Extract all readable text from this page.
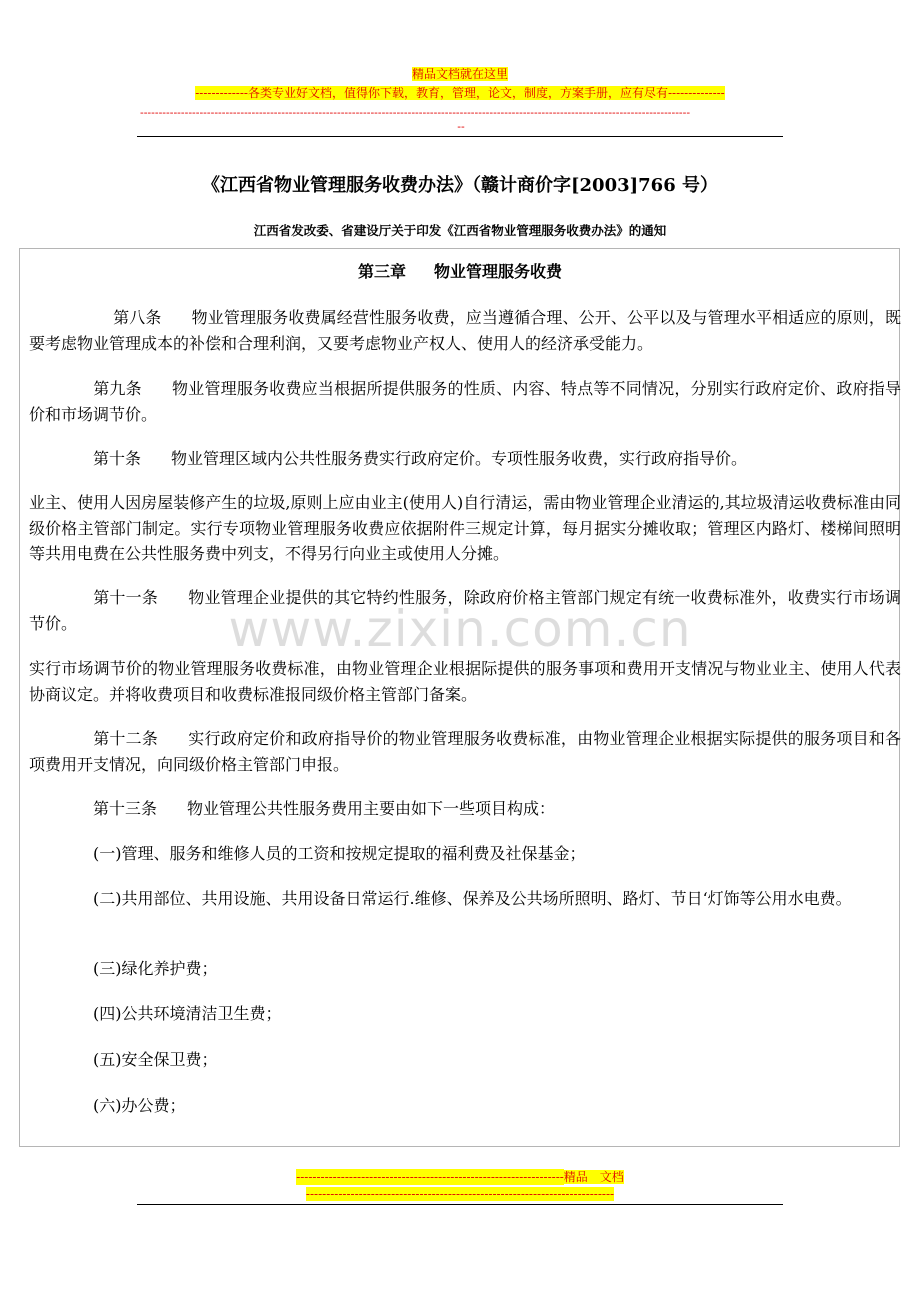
精品文档就在这里
-------------各类专业好文档，值得你下载，教育，管理，论文，制度，方案手册，应有尽有--------------
----------------------------------------------------------------------------------------------------------------------------------------------------
--
《江西省物业管理服务收费办法》（赣计商价字[2003]766 号）
江西省发改委、省建设厅关于印发《江西省物业管理服务收费办法》的通知
第三章 物业管理服务收费
第八条 物业管理服务收费属经营性服务收费，应当遵循合理、公开、公平以及与管理水平相适应的原则，既要考虑物业管理成本的补偿和合理利润，又要考虑物业产权人、使用人的经济承受能力。
第九条 物业管理服务收费应当根据所提供服务的性质、内容、特点等不同情况，分别实行政府定价、政府指导价和市场调节价。
第十条 物业管理区域内公共性服务费实行政府定价。专项性服务收费，实行政府指导价。
业主、使用人因房屋装修产生的垃圾,原则上应由业主(使用人)自行清运，需由物业管理企业清运的,其垃圾清运收费标准由同级价格主管部门制定。实行专项物业管理服务收费应依据附件三规定计算，每月据实分摊收取；管理区内路灯、楼梯间照明等共用电费在公共性服务费中列支，不得另行向业主或使用人分摊。
第十一条 物业管理企业提供的其它特约性服务，除政府价格主管部门规定有统一收费标准外，收费实行市场调节价。
实行市场调节价的物业管理服务收费标准，由物业管理企业根据际提供的服务事项和费用开支情况与物业业主、使用人代表协商议定。并将收费项目和收费标准报同级价格主管部门备案。
第十二条 实行政府定价和政府指导价的物业管理服务收费标准，由物业管理企业根据实际提供的服务项目和各项费用开支情况，向同级价格主管部门申报。
第十三条 物业管理公共性服务费用主要由如下一些项目构成：
(一)管理、服务和维修人员的工资和按规定提取的福利费及社保基金；
(二)共用部位、共用设施、共用设备日常运行.维修、保养及公共场所照明、路灯、节日‘灯饰等公用水电费。
(三)绿化养护费；
(四)公共环境清洁卫生费；
(五)安全保卫费；
(六)办公费；
www.zixin.com.cn
------------------------------------------------------------------精品　文档
----------------------------------------------------------------------------
